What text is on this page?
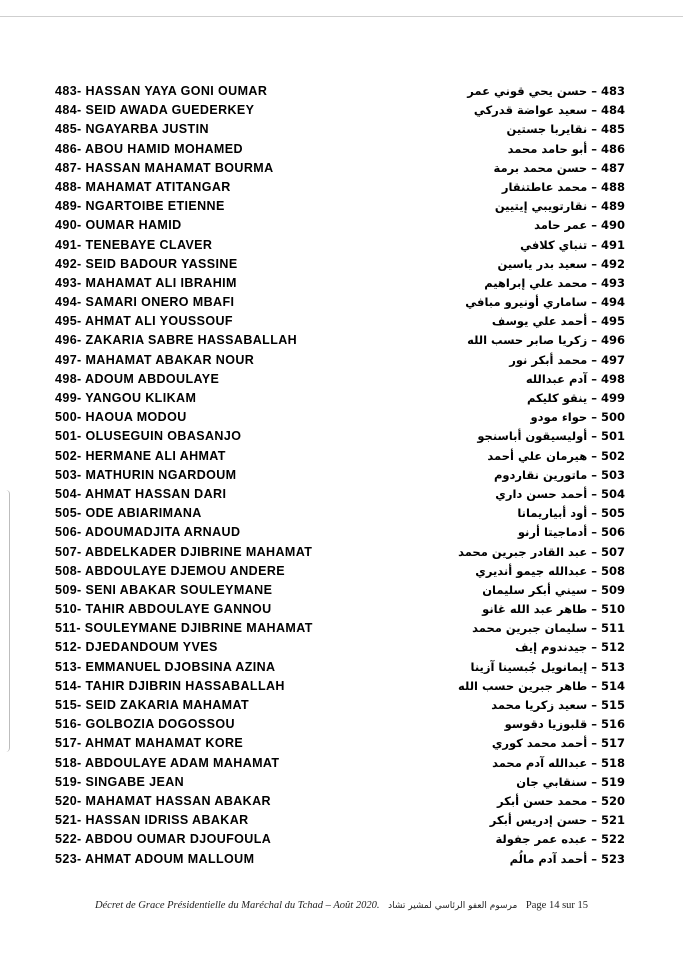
483- HASSAN YAYA GONI OUMAR	483 – حسن يحي قوني عمر
484- SEID AWADA GUEDERKEY	484 – سعيد عواضة قدركي
485- NGAYARBA JUSTIN	485 – نقايربا جستين
486- ABOU HAMID MOHAMED	486 – أبو حامد محمد
487- HASSAN MAHAMAT BOURMA	487 – حسن محمد برمة
488- MAHAMAT ATITANGAR	488 – محمد عاطتنقار
489- NGARTOIBE ETIENNE	489 – نقارتويبي إيتيين
490- OUMAR HAMID	490 – عمر حامد
491- TENEBAYE CLAVER	491 – تنباي كلافي
492- SEID BADOUR YASSINE	492 – سعيد بدر ياسين
493- MAHAMAT ALI IBRAHIM	493 – محمد علي إبراهيم
494- SAMARI ONERO MBAFI	494 – ساماري أونيرو مبافي
495- AHMAT ALI YOUSSOUF	495 – أحمد علي يوسف
496- ZAKARIA SABRE HASSABALLAH	496 – زكريا صابر حسب الله
497- MAHAMAT ABAKAR NOUR	497 – محمد أبكر نور
498- ADOUM ABDOULAYE	498 – آدم عبدالله
499- YANGOU KLIKAM	499 – ينقو كليكم
500- HAOUA MODOU	500 – حواء مودو
501- OLUSEGUIN OBASANJO	501 – أوليسيقون أباسنجو
502- HERMANE ALI AHMAT	502 – هيرمان علي أحمد
503- MATHURIN NGARDOUM	503 – ماتورين نقاردوم
504- AHMAT HASSAN DARI	504 – أحمد حسن داري
505- ODE ABIARIMANA	505 – أود أبياريمانا
506- ADOUMADJITA ARNAUD	506 – أدماجيتا أرنو
507- ABDELKADER DJIBRINE MAHAMAT	507 – عبد القادر جبرين محمد
508- ABDOULAYE DJEMOU ANDERE	508 – عبدالله جيمو أنديري
509- SENI ABAKAR SOULEYMANE	509 – سيني أبكر سليمان
510- TAHIR ABDOULAYE GANNOU	510 – طاهر عبد الله غانو
511- SOULEYMANE DJIBRINE MAHAMAT	511 – سليمان جبرين محمد
512- DJEDANDOUM YVES	512 – جيدندوم إيف
513- EMMANUEL DJOBSINA AZINA	513 – إيمانويل جُبسينا آزينا
514- TAHIR DJIBRIN HASSABALLAH	514 – طاهر جبرين حسب الله
515- SEID ZAKARIA MAHAMAT	515 – سعيد زكريا محمد
516- GOLBOZIA DOGOSSOU	516 – قلبوزيا دقوسو
517- AHMAT MAHAMAT KORE	517 – أحمد محمد كوري
518- ABDOULAYE ADAM MAHAMAT	518 – عبدالله آدم محمد
519- SINGABE JEAN	519 – سنقابي جان
520- MAHAMAT HASSAN ABAKAR	520 – محمد حسن أبكر
521- HASSAN IDRISS ABAKAR	521 – حسن إدريس أبكر
522- ABDOU OUMAR DJOUFOULA	522 – عبده عمر جفولة
523- AHMAT ADOUM MALLOUM	523 – أحمد آدم مالُم
Décret de Grace Présidentielle du Maréchal du Tchad – Août 2020. مرسوم العفو الرئاسي لمشير تشاد Page 14 sur 15
